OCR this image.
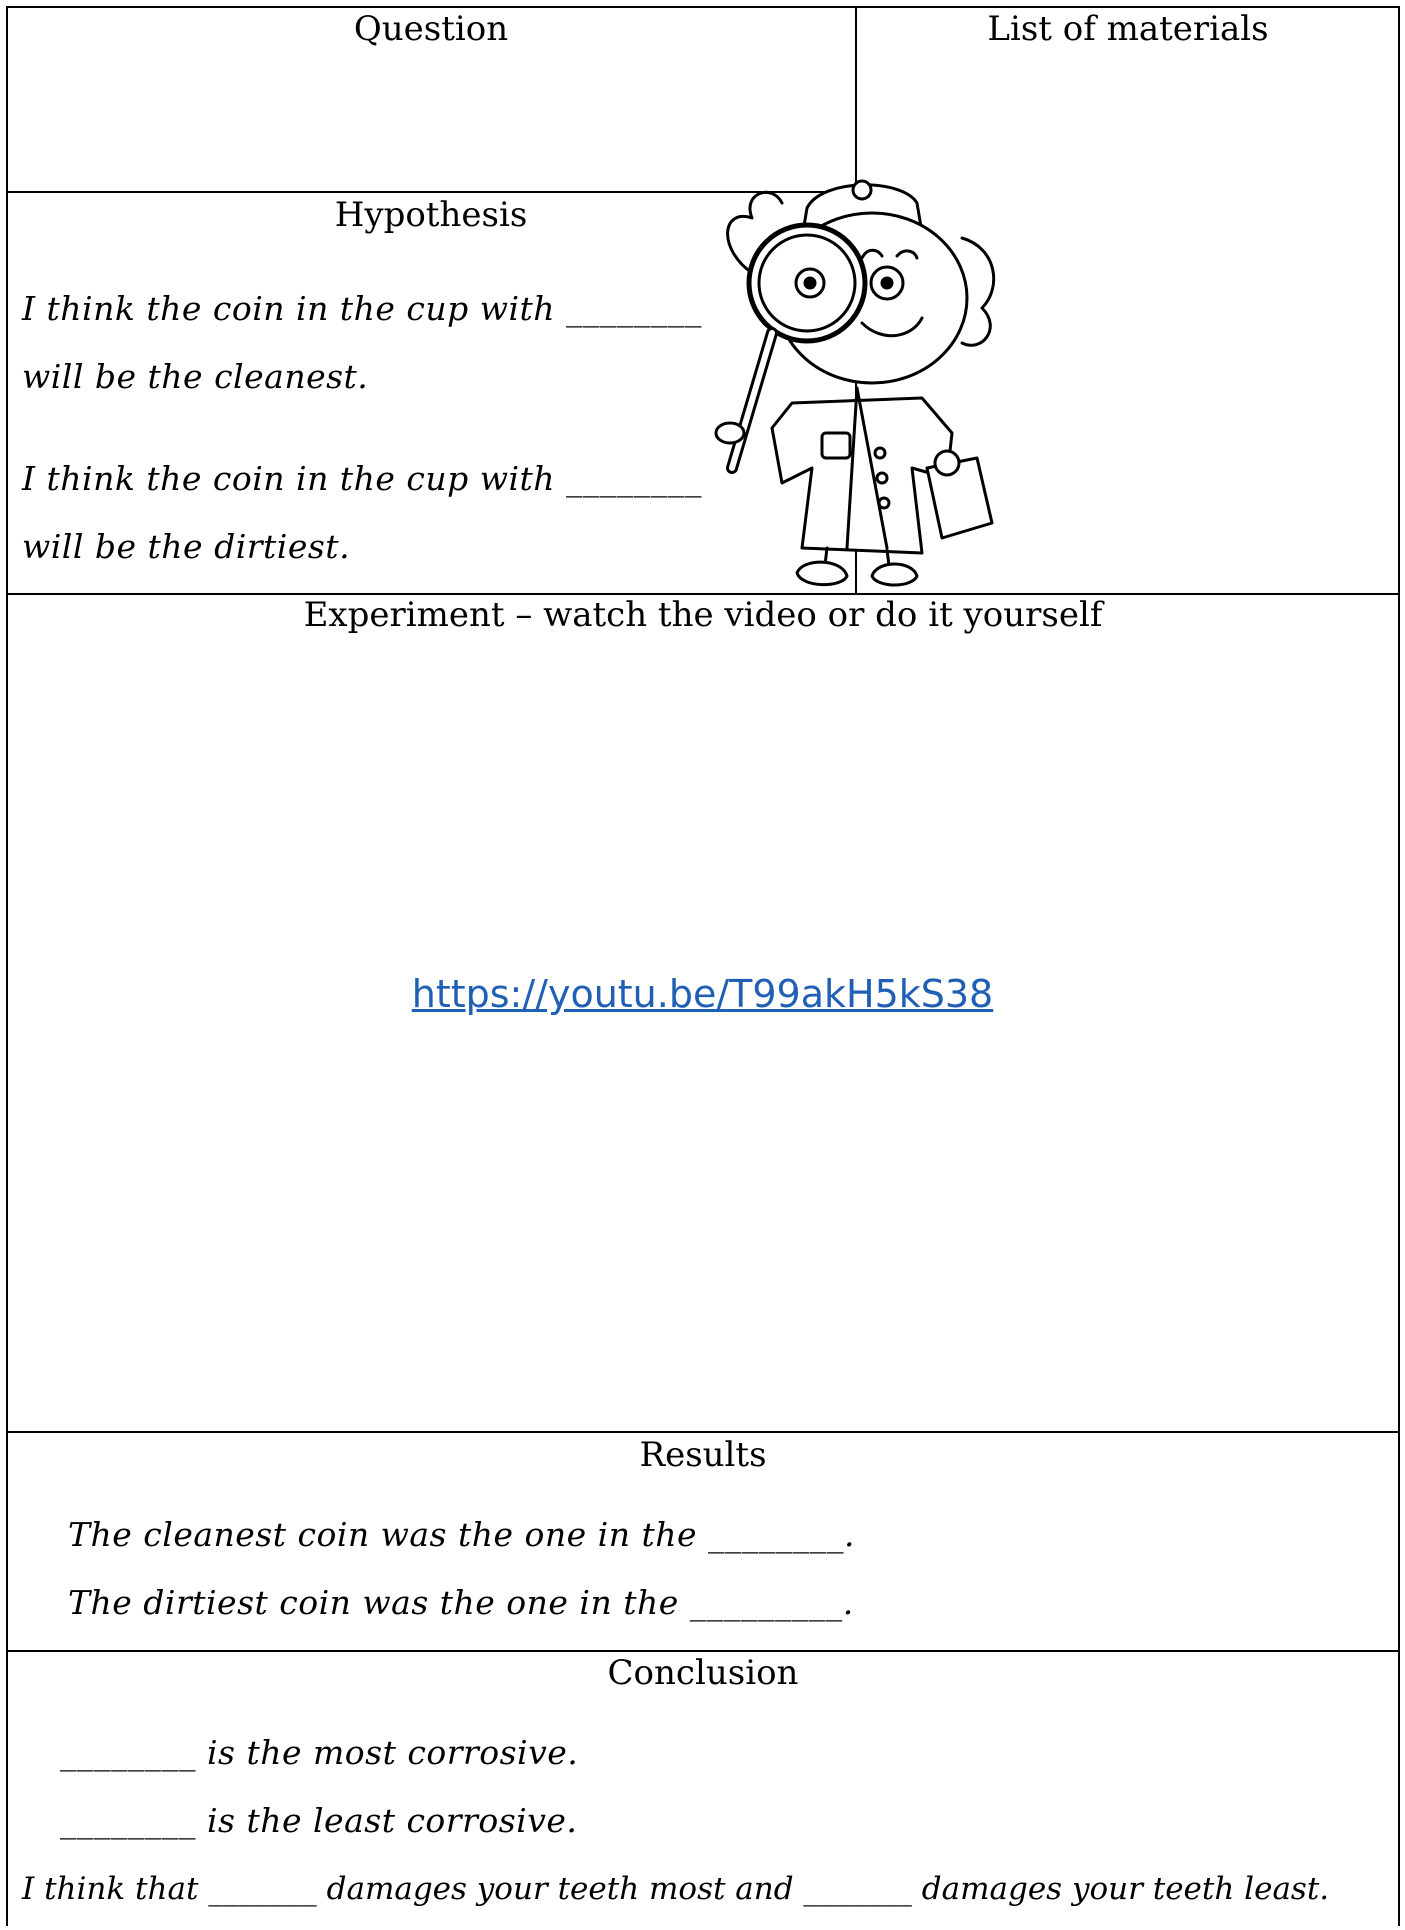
Question	List of materials
Hypothesis
I think the coin in the cup with ________
will be the cleanest.
I think the coin in the cup with ________
will be the dirtiest.
Experiment – watch the video or do it yourself
https://youtu.be/T99akH5kS38
Results
The cleanest coin was the one in the ________.
The dirtiest coin was the one in the _________.
Conclusion
________ is the most corrosive.
________ is the least corrosive.
I think that _______ damages your teeth most and _______ damages your teeth least.
